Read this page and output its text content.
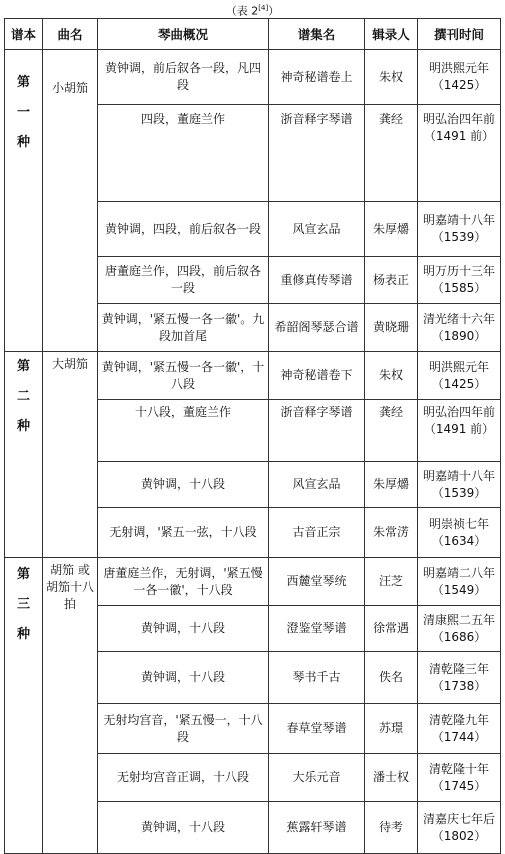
（表 2[4]）
谱本	曲名	琴曲概况	谱集名	辑录人	撰刊时间

第
一
种	小胡笳	黄钟调，前后叙各一段，凡四段	神奇秘谱卷上	朱权	明洪熙元年（1425）
		四段，董庭兰作	浙音释字琴谱	龚经	明弘治四年前（1491 前）
		黄钟调，四段，前后叙各一段	风宣玄品	朱厚爝	明嘉靖十八年（1539）
		唐董庭兰作，四段，前后叙各一段	重修真传琴谱	杨表正	明万历十三年（1585）
		黄钟调，'紧五慢一各一徽'。九段加首尾	希韶阁琴瑟合谱	黄晓珊	清光绪十六年（1890）

第
二
种	大胡笳	黄钟调，'紧五慢一各一徽'，十八段	神奇秘谱卷下	朱权	明洪熙元年（1425）
		十八段，董庭兰作	浙音释字琴谱	龚经	明弘治四年前（1491 前）
		黄钟调，十八段	风宣玄品	朱厚爝	明嘉靖十八年（1539）
		无射调，'紧五一弦，十八段	古音正宗	朱常淓	明崇祯七年（1634）

第
三
种	胡笳 或胡笳十八拍	唐董庭兰作，无射调，'紧五慢一各一徽'，十八段	西麓堂琴统	汪芝	明嘉靖二八年（1549）
		黄钟调，十八段	澄鉴堂琴谱	徐常遇	清康熙二五年（1686）
		黄钟调，十八段	琴书千古	佚名	清乾隆三年（1738）
		无射均宫音，'紧五慢一，十八段	春草堂琴谱	苏璟	清乾隆九年（1744）
		无射均宫音正调，十八段	大乐元音	潘士权	清乾隆十年（1745）
		黄钟调，十八段	蕉露轩琴谱	待考	清嘉庆七年后（1802）
